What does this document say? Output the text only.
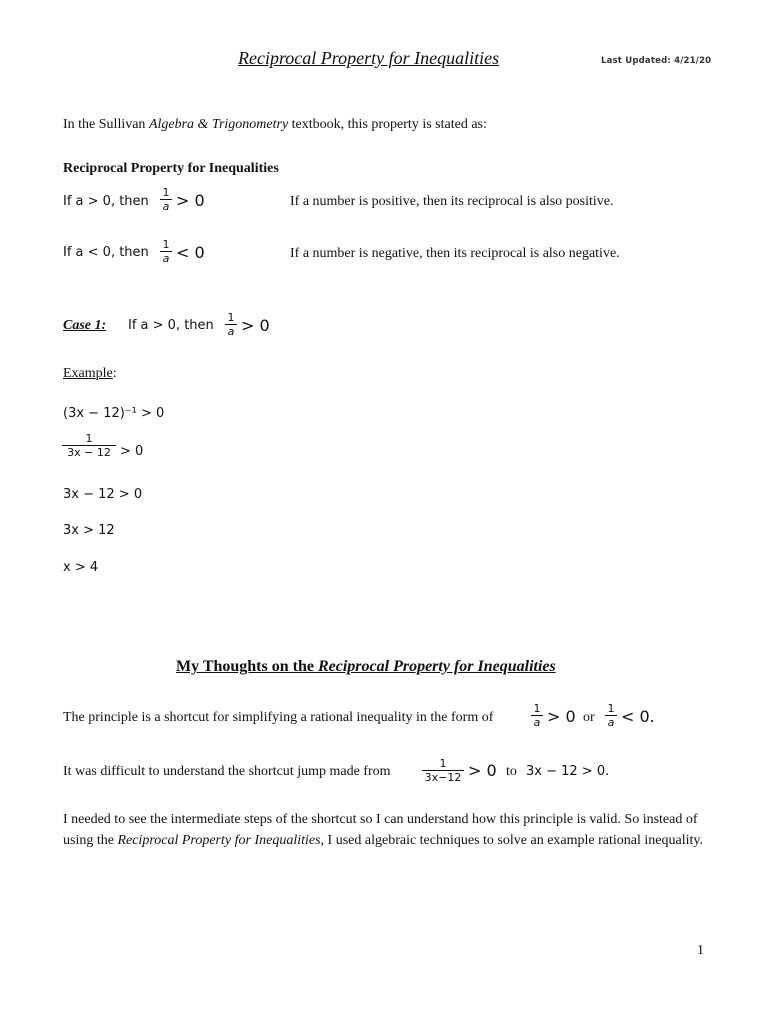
Reciprocal Property for Inequalities	Last Updated: 4/21/20
In the Sullivan Algebra & Trigonometry textbook, this property is stated as:
Reciprocal Property for Inequalities
If a > 0, then
1
a > 0	If a number is positive, then its reciprocal is also positive.
If a < 0, then
1
a < 0	If a number is negative, then its reciprocal is also negative.
Case 1: If a > 0, then
1
a > 0
Example:
(3x − 12)⁻¹ > 0
1
3x − 12 > 0
3x − 12 > 0
3x > 12
x > 4
My Thoughts on the Reciprocal Property for Inequalities
The principle is a shortcut for simplifying a rational inequality in the form of
1
a > 0 or
1
a < 0.
It was difficult to understand the shortcut jump made from
1
3x−12 > 0 to 3x − 12 > 0.
I needed to see the intermediate steps of the shortcut so I can understand how this principle is valid. So instead of using the Reciprocal Property for Inequalities, I used algebraic techniques to solve an example rational inequality.
1
